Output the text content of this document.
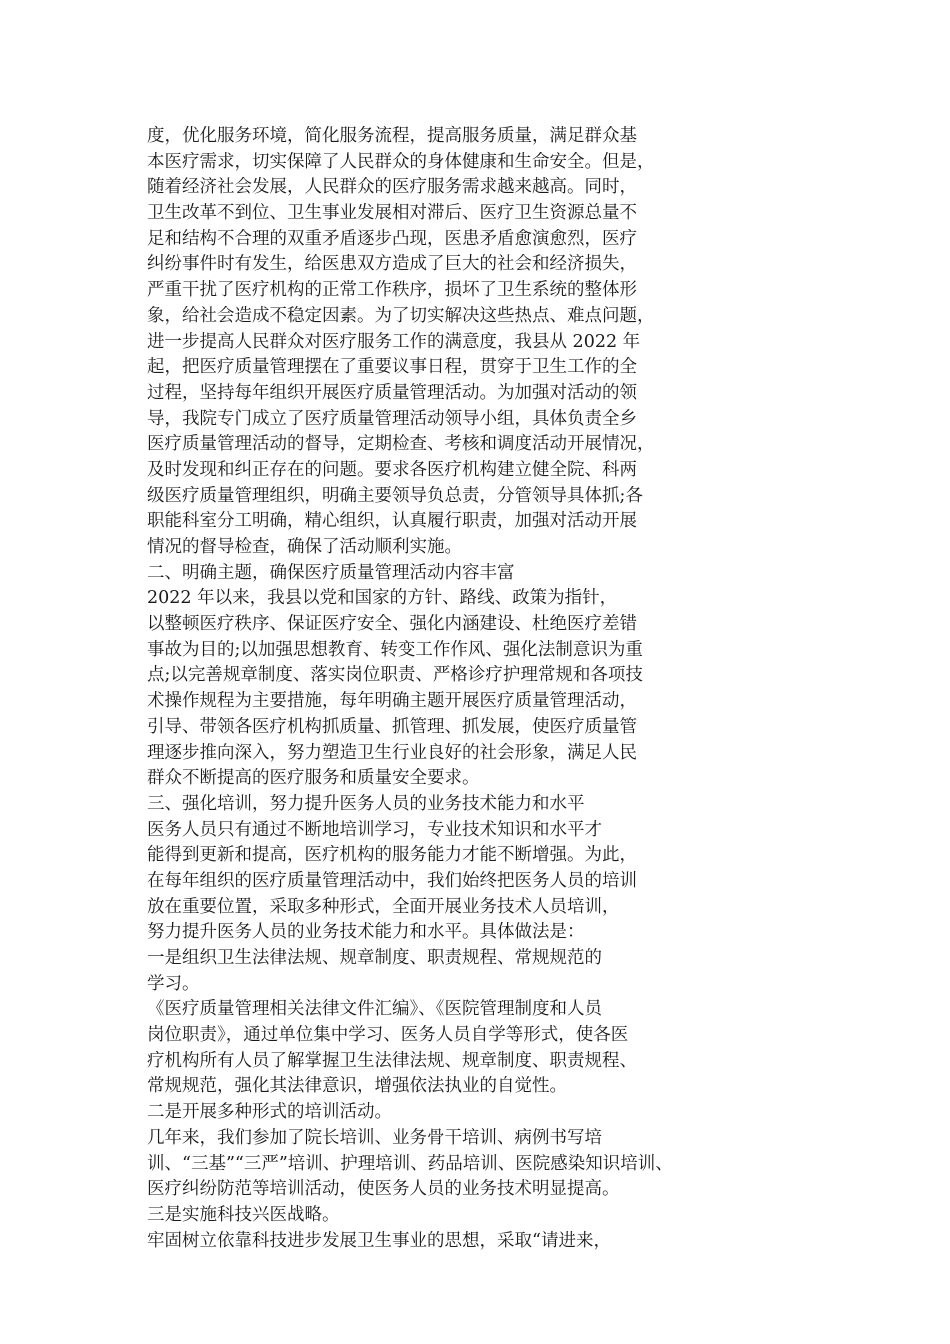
度，优化服务环境，简化服务流程，提高服务质量，满足群众基
本医疗需求，切实保障了人民群众的身体健康和生命安全。但是，
随着经济社会发展，人民群众的医疗服务需求越来越高。同时，
卫生改革不到位、卫生事业发展相对滞后、医疗卫生资源总量不
足和结构不合理的双重矛盾逐步凸现，医患矛盾愈演愈烈，医疗
纠纷事件时有发生，给医患双方造成了巨大的社会和经济损失，
严重干扰了医疗机构的正常工作秩序，损坏了卫生系统的整体形
象，给社会造成不稳定因素。为了切实解决这些热点、难点问题，
进一步提高人民群众对医疗服务工作的满意度，我县从 2022 年
起，把医疗质量管理摆在了重要议事日程，贯穿于卫生工作的全
过程，坚持每年组织开展医疗质量管理活动。为加强对活动的领
导，我院专门成立了医疗质量管理活动领导小组，具体负责全乡
医疗质量管理活动的督导，定期检查、考核和调度活动开展情况，
及时发现和纠正存在的问题。要求各医疗机构建立健全院、科两
级医疗质量管理组织，明确主要领导负总责，分管领导具体抓;各
职能科室分工明确，精心组织，认真履行职责，加强对活动开展
情况的督导检查，确保了活动顺利实施。
二、明确主题，确保医疗质量管理活动内容丰富
2022 年以来，我县以党和国家的方针、路线、政策为指针，
以整顿医疗秩序、保证医疗安全、强化内涵建设、杜绝医疗差错
事故为目的;以加强思想教育、转变工作作风、强化法制意识为重
点;以完善规章制度、落实岗位职责、严格诊疗护理常规和各项技
术操作规程为主要措施，每年明确主题开展医疗质量管理活动，
引导、带领各医疗机构抓质量、抓管理、抓发展，使医疗质量管
理逐步推向深入，努力塑造卫生行业良好的社会形象，满足人民
群众不断提高的医疗服务和质量安全要求。
三、强化培训，努力提升医务人员的业务技术能力和水平
医务人员只有通过不断地培训学习，专业技术知识和水平才
能得到更新和提高，医疗机构的服务能力才能不断增强。为此，
在每年组织的医疗质量管理活动中，我们始终把医务人员的培训
放在重要位置，采取多种形式，全面开展业务技术人员培训，
努力提升医务人员的业务技术能力和水平。具体做法是：
一是组织卫生法律法规、规章制度、职责规程、常规规范的
学习。
《医疗质量管理相关法律文件汇编》、《医院管理制度和人员
岗位职责》，通过单位集中学习、医务人员自学等形式，使各医
疗机构所有人员了解掌握卫生法律法规、规章制度、职责规程、
常规规范，强化其法律意识，增强依法执业的自觉性。
二是开展多种形式的培训活动。
几年来，我们参加了院长培训、业务骨干培训、病例书写培
训、“三基”“三严”培训、护理培训、药品培训、医院感染知识培训、
医疗纠纷防范等培训活动，使医务人员的业务技术明显提高。
三是实施科技兴医战略。
牢固树立依靠科技进步发展卫生事业的思想，采取“请进来，
